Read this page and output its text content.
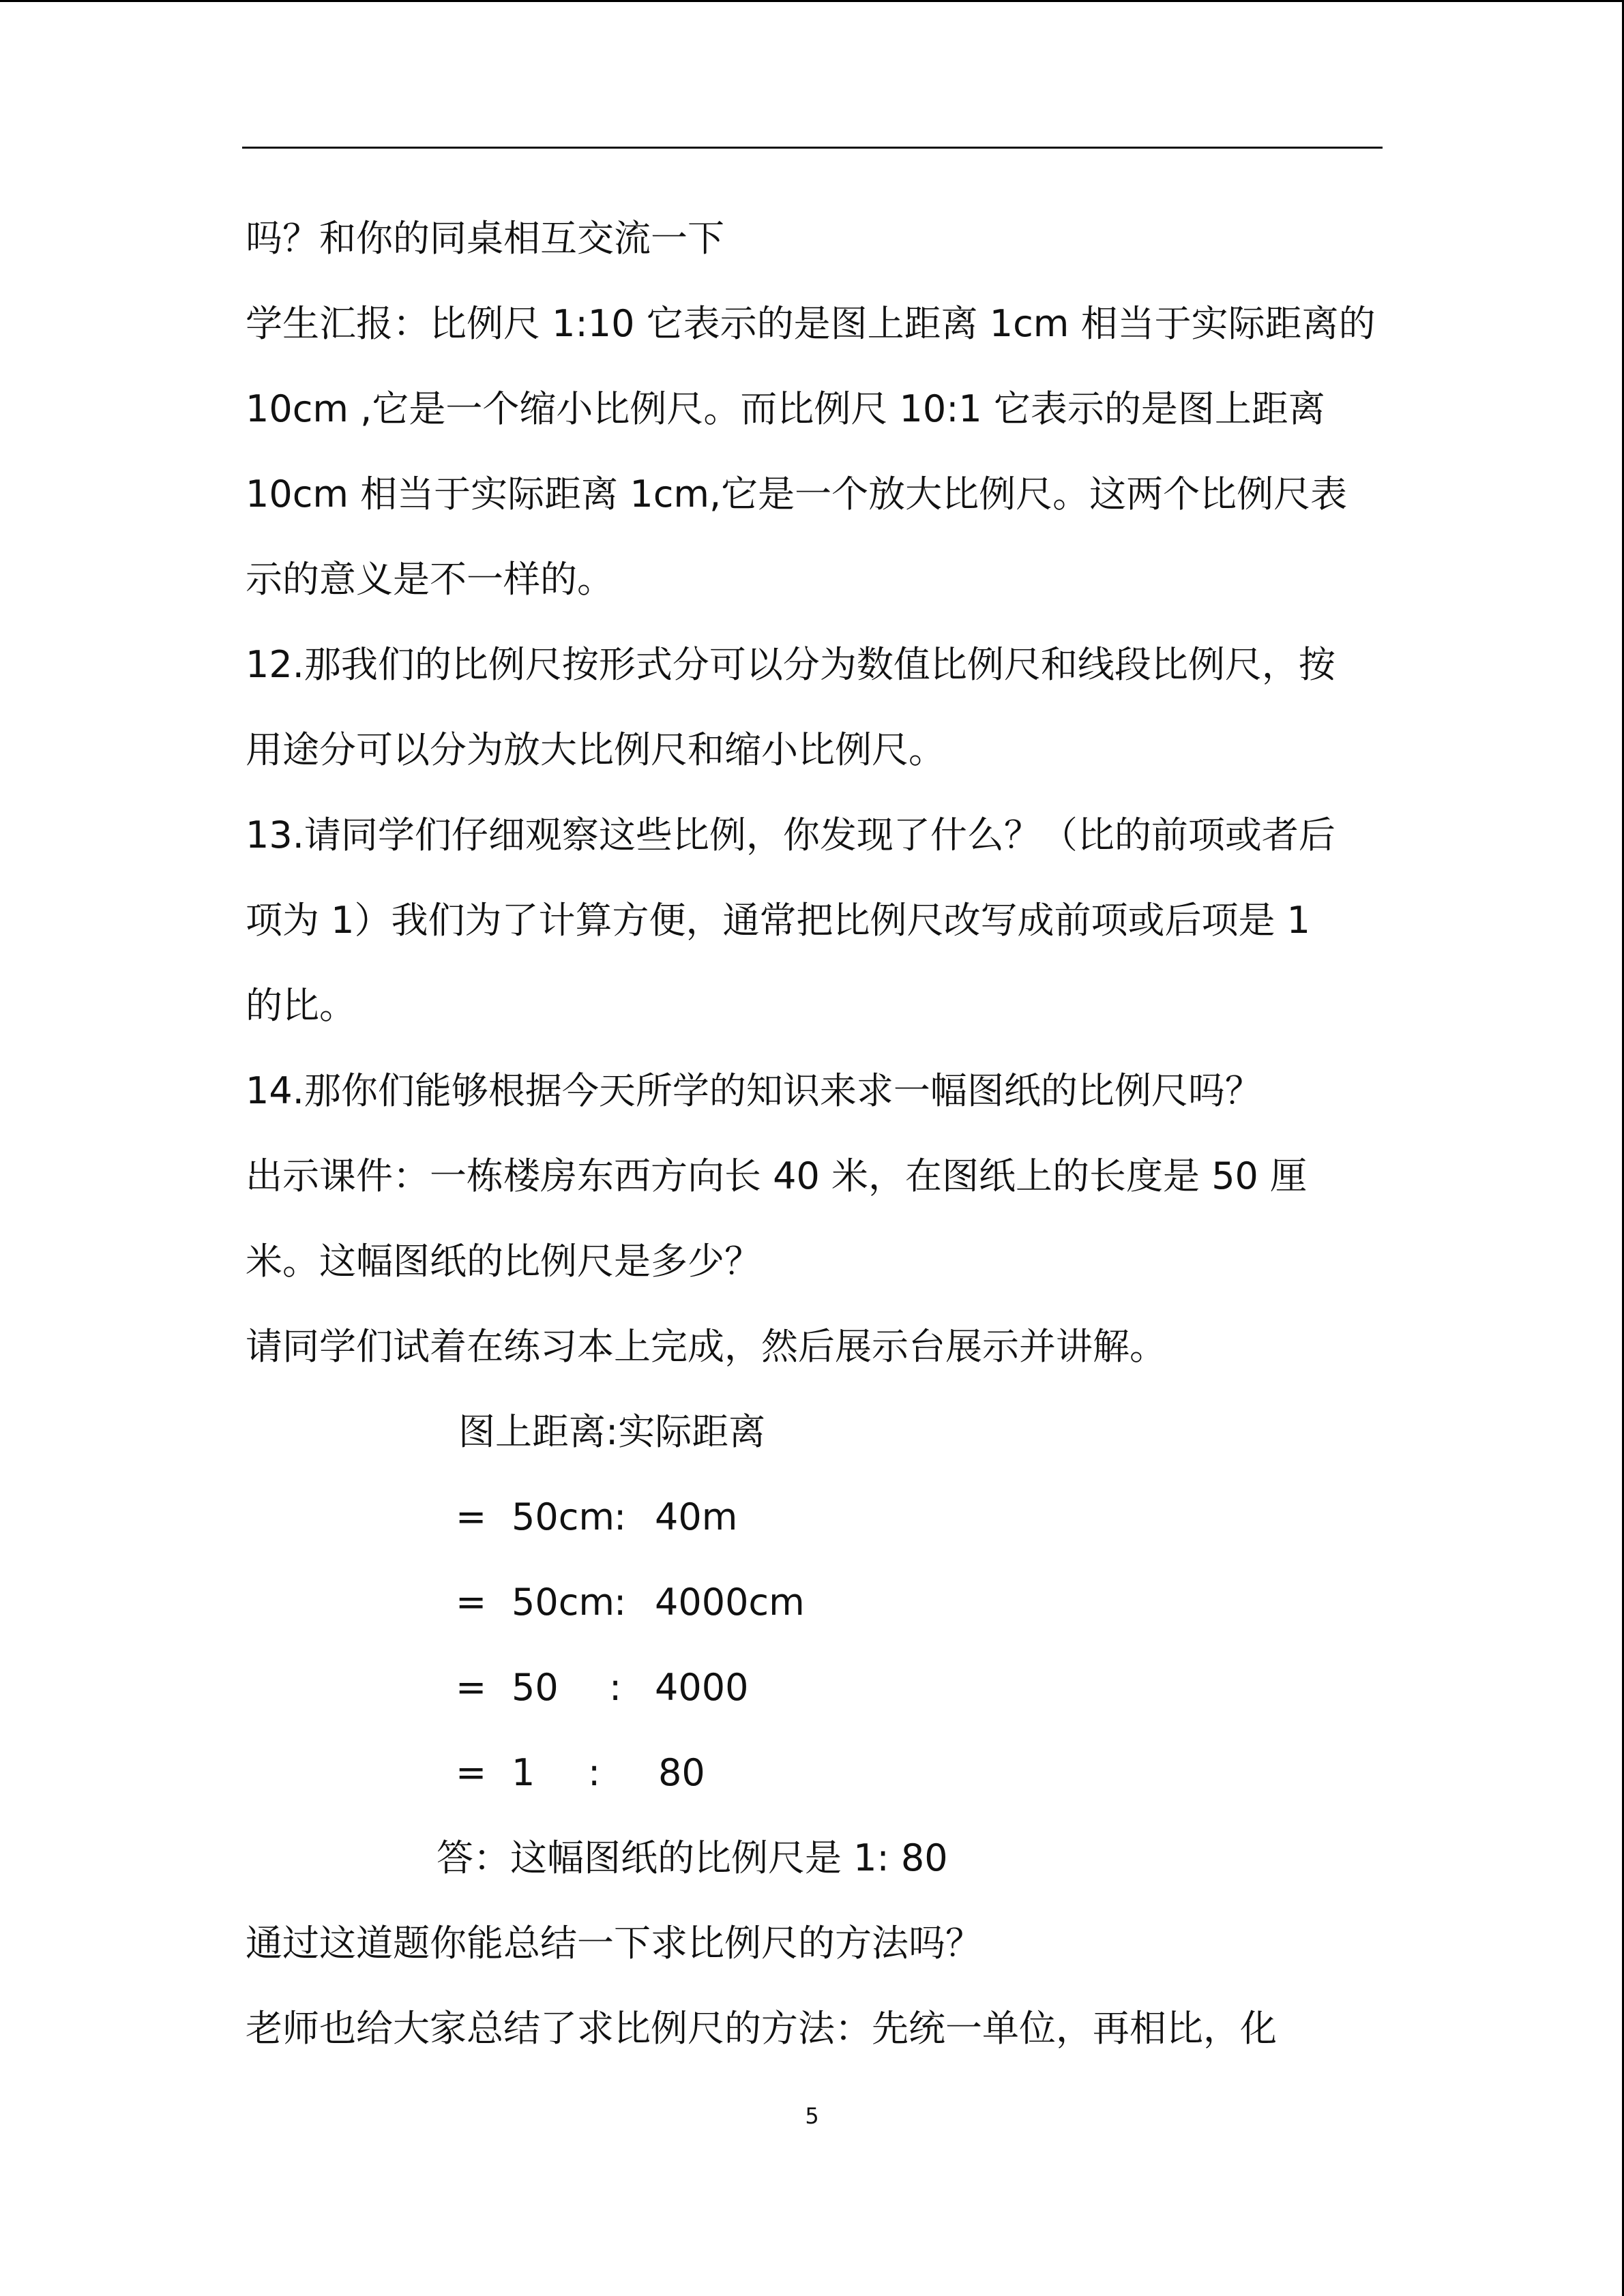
吗？和你的同桌相互交流一下

学生汇报：比例尺 1:10 它表示的是图上距离 1cm 相当于实际距离的

10cm ,它是一个缩小比例尺。而比例尺 10:1 它表示的是图上距离

10cm 相当于实际距离 1cm,它是一个放大比例尺。这两个比例尺表

示的意义是不一样的。

12.那我们的比例尺按形式分可以分为数值比例尺和线段比例尺，按

用途分可以分为放大比例尺和缩小比例尺。

13.请同学们仔细观察这些比例，你发现了什么？（比的前项或者后

项为 1）我们为了计算方便，通常把比例尺改写成前项或后项是 1

的比。

14.那你们能够根据今天所学的知识来求一幅图纸的比例尺吗？

出示课件：一栋楼房东西方向长 40 米，在图纸上的长度是 50 厘

米。这幅图纸的比例尺是多少？

请同学们试着在练习本上完成，然后展示台展示并讲解。

图上距离:实际距离
= 50cm
: 40m
= 50cm
: 4000cm
= 50 : 4000
= 1 : 80
答：这幅图纸的比例尺是 1: 80

通过这道题你能总结一下求比例尺的方法吗？

老师也给大家总结了求比例尺的方法：先统一单位，再相比，化

5
